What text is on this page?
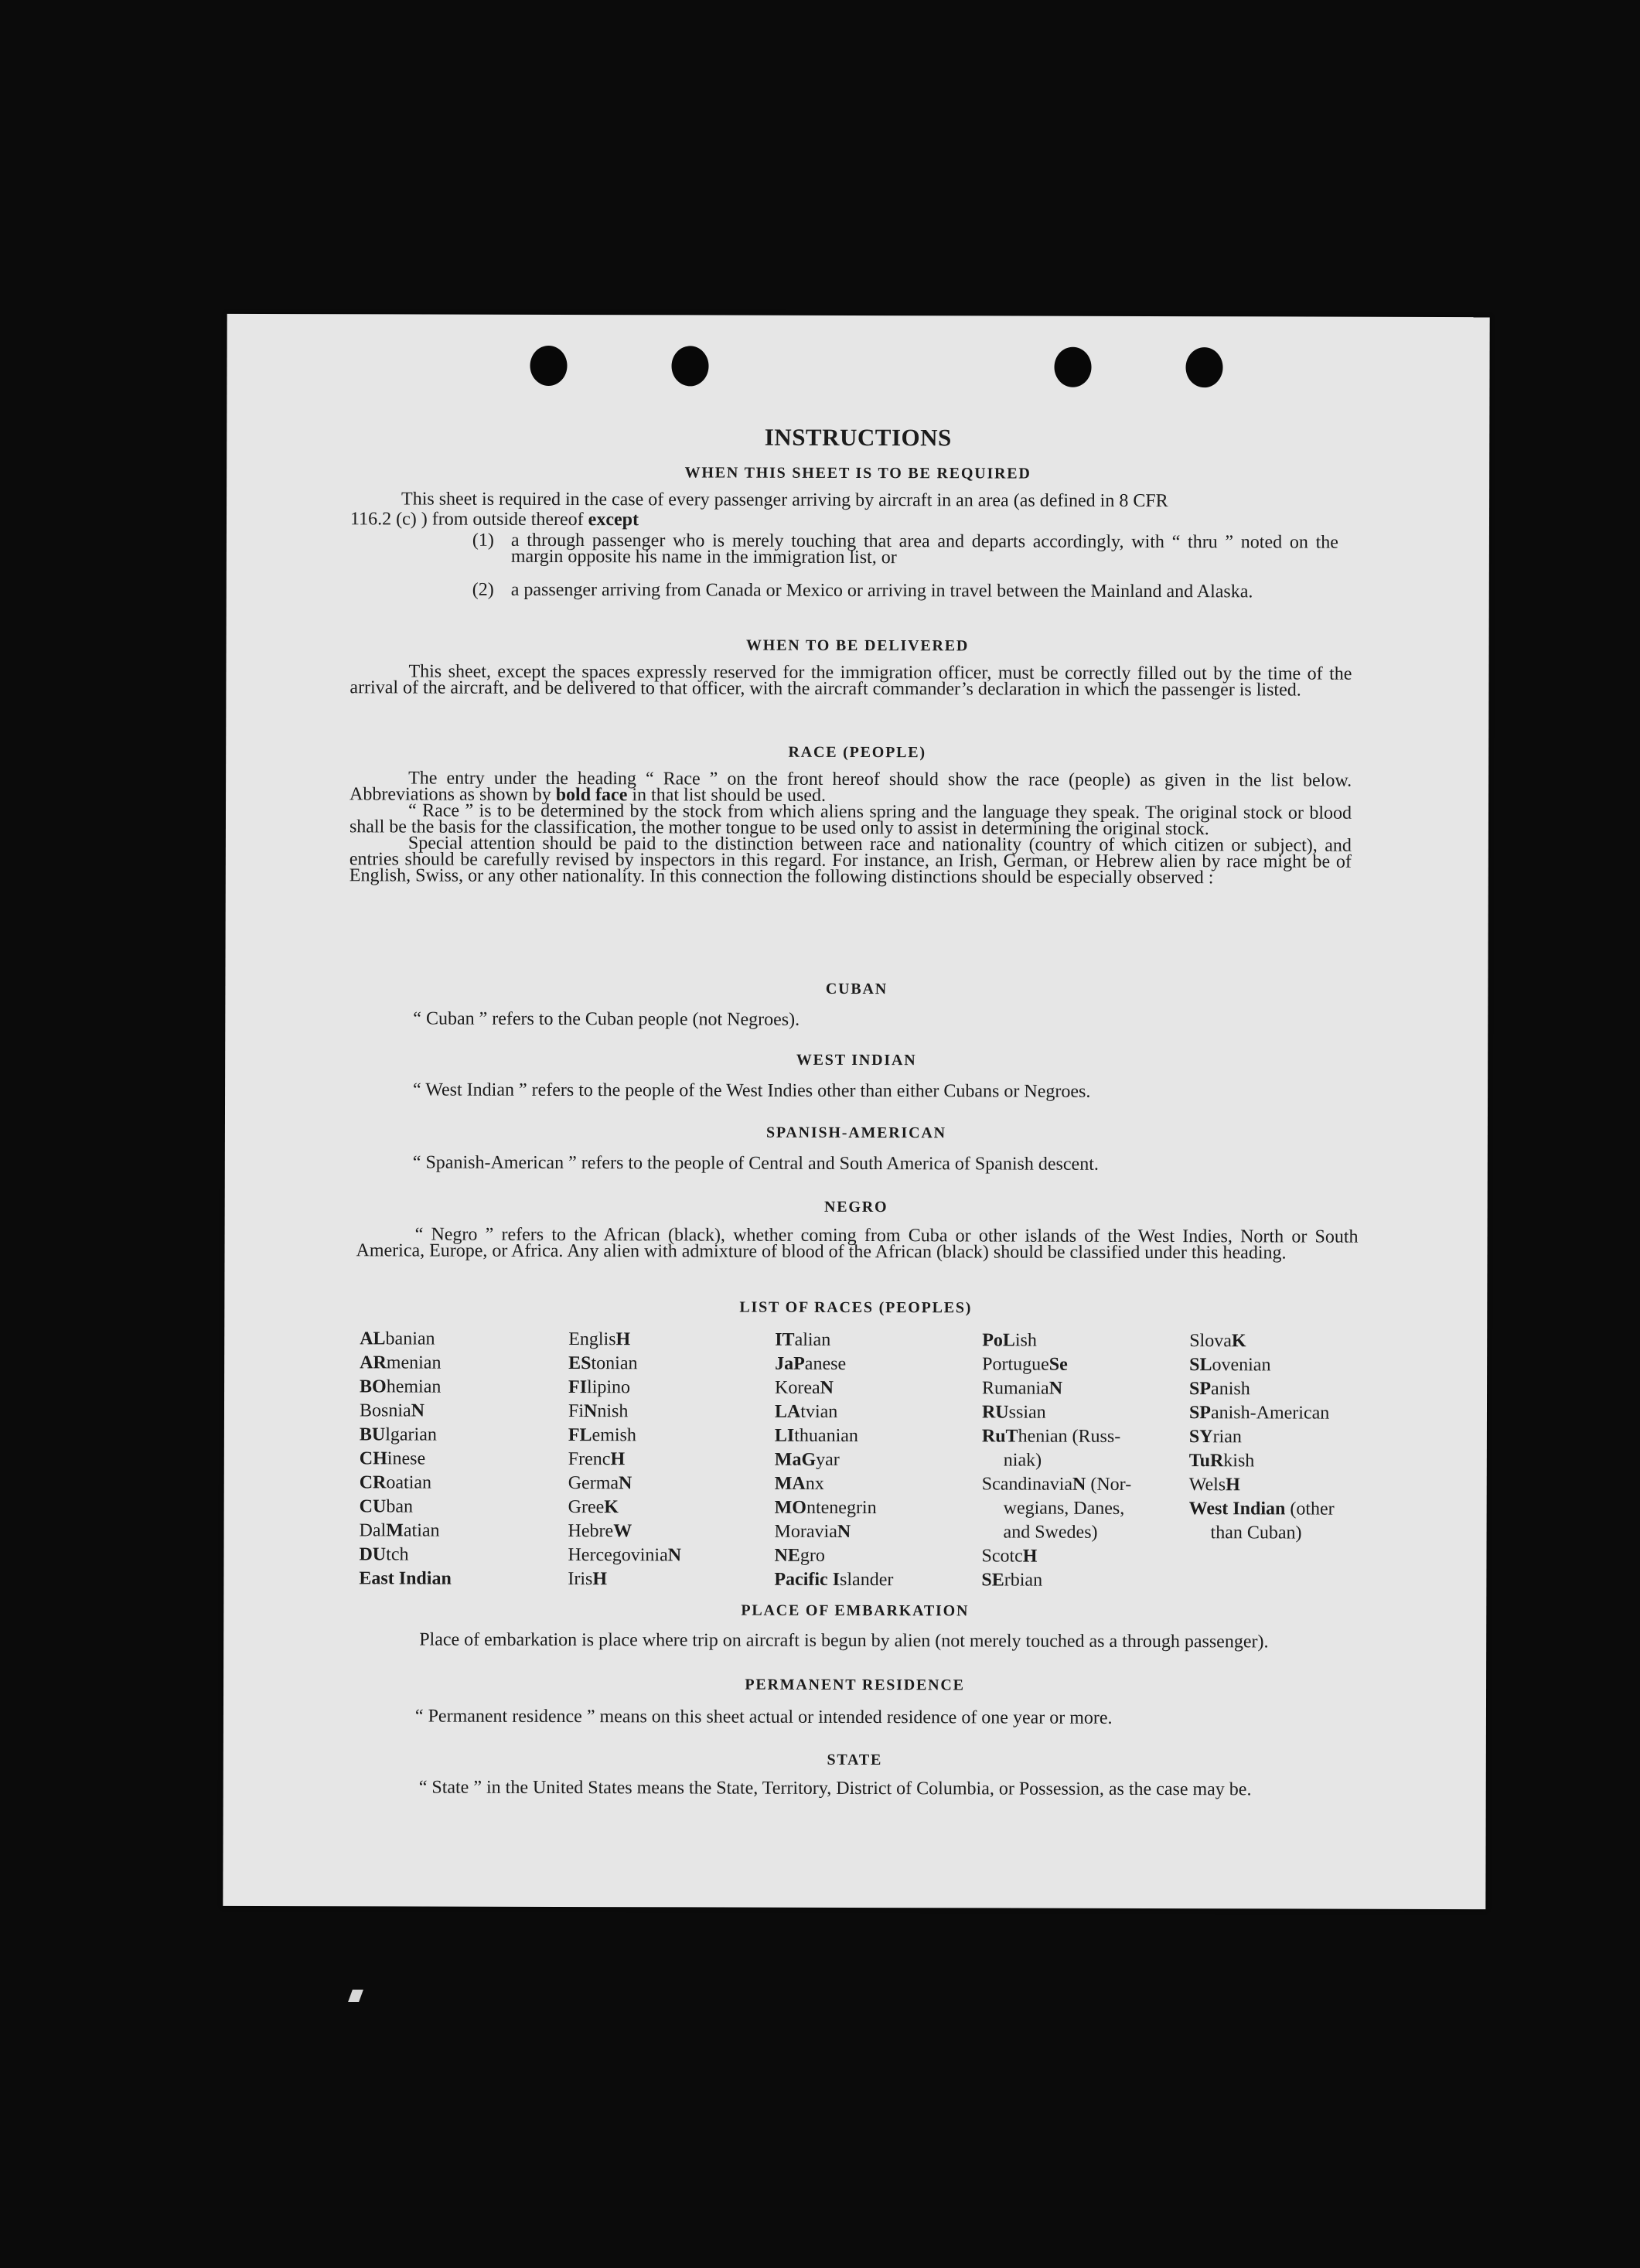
INSTRUCTIONS
WHEN THIS SHEET IS TO BE REQUIRED
This sheet is required in the case of every passenger arriving by aircraft in an area (as defined in 8 CFR
116.2 (c) ) from outside thereof except
(1) a through passenger who is merely touching that area and departs accordingly, with “ thru ” noted on the margin opposite his name in the immigration list, or
(2) a passenger arriving from Canada or Mexico or arriving in travel between the Mainland and Alaska.
WHEN TO BE DELIVERED

This sheet, except the spaces expressly reserved for the immigration officer, must be correctly filled out by the time of the arrival of the aircraft, and be delivered to that officer, with the aircraft commander’s declaration in which the passenger is listed.

RACE (PEOPLE)

The entry under the heading “ Race ” on the front hereof should show the race (people) as given in the list below. Abbreviations as shown by bold face in that list should be used.

“ Race ” is to be determined by the stock from which aliens spring and the language they speak. The original stock or blood shall be the basis for the classification, the mother tongue to be used only to assist in determining the original stock.

Special attention should be paid to the distinction between race and nationality (country of which citizen or subject), and entries should be carefully revised by inspectors in this regard. For instance, an Irish, German, or Hebrew alien by race might be of English, Swiss, or any other nationality. In this connection the following distinctions should be especially observed :

CUBAN
“ Cuban ” refers to the Cuban people (not Negroes).
WEST INDIAN
“ West Indian ” refers to the people of the West Indies other than either Cubans or Negroes.
SPANISH-AMERICAN
“ Spanish-American ” refers to the people of Central and South America of Spanish descent.
NEGRO

“ Negro ” refers to the African (black), whether coming from Cuba or other islands of the West Indies, North or South America, Europe, or Africa. Any alien with admixture of blood of the African (black) should be classified under this heading.

LIST OF RACES (PEOPLES)
ALbanian
ARmenian
BOhemian
BosniaN
BUlgarian
CHinese
CRoatian
CUban
DalMatian
DUtch
East Indian
EnglisH
EStonian
FIlipino
FiNnish
FLemish
FrencH
GermaN
GreeK
HebreW
HercegoviniaN
IrisH
ITalian
JaPanese
KoreaN
LAtvian
LIthuanian
MaGyar
MAnx
MOntenegrin
MoraviaN
NEgro
Pacific Islander
PoLish
PortugueSe
RumaniaN
RUssian
RuThenian (Russ-
niak)
ScandinaviaN (Nor-
wegians, Danes,
and Swedes)
ScotcH
SErbian
SlovaK
SLovenian
SPanish
SPanish-American
SYrian
TuRkish
WelsH
West Indian (other
than Cuban)
PLACE OF EMBARKATION

Place of embarkation is place where trip on aircraft is begun by alien (not merely touched as a through passenger).

PERMANENT RESIDENCE
“ Permanent residence ” means on this sheet actual or intended residence of one year or more.
STATE

“ State ” in the United States means the State, Territory, District of Columbia, or Possession, as the case may be.
